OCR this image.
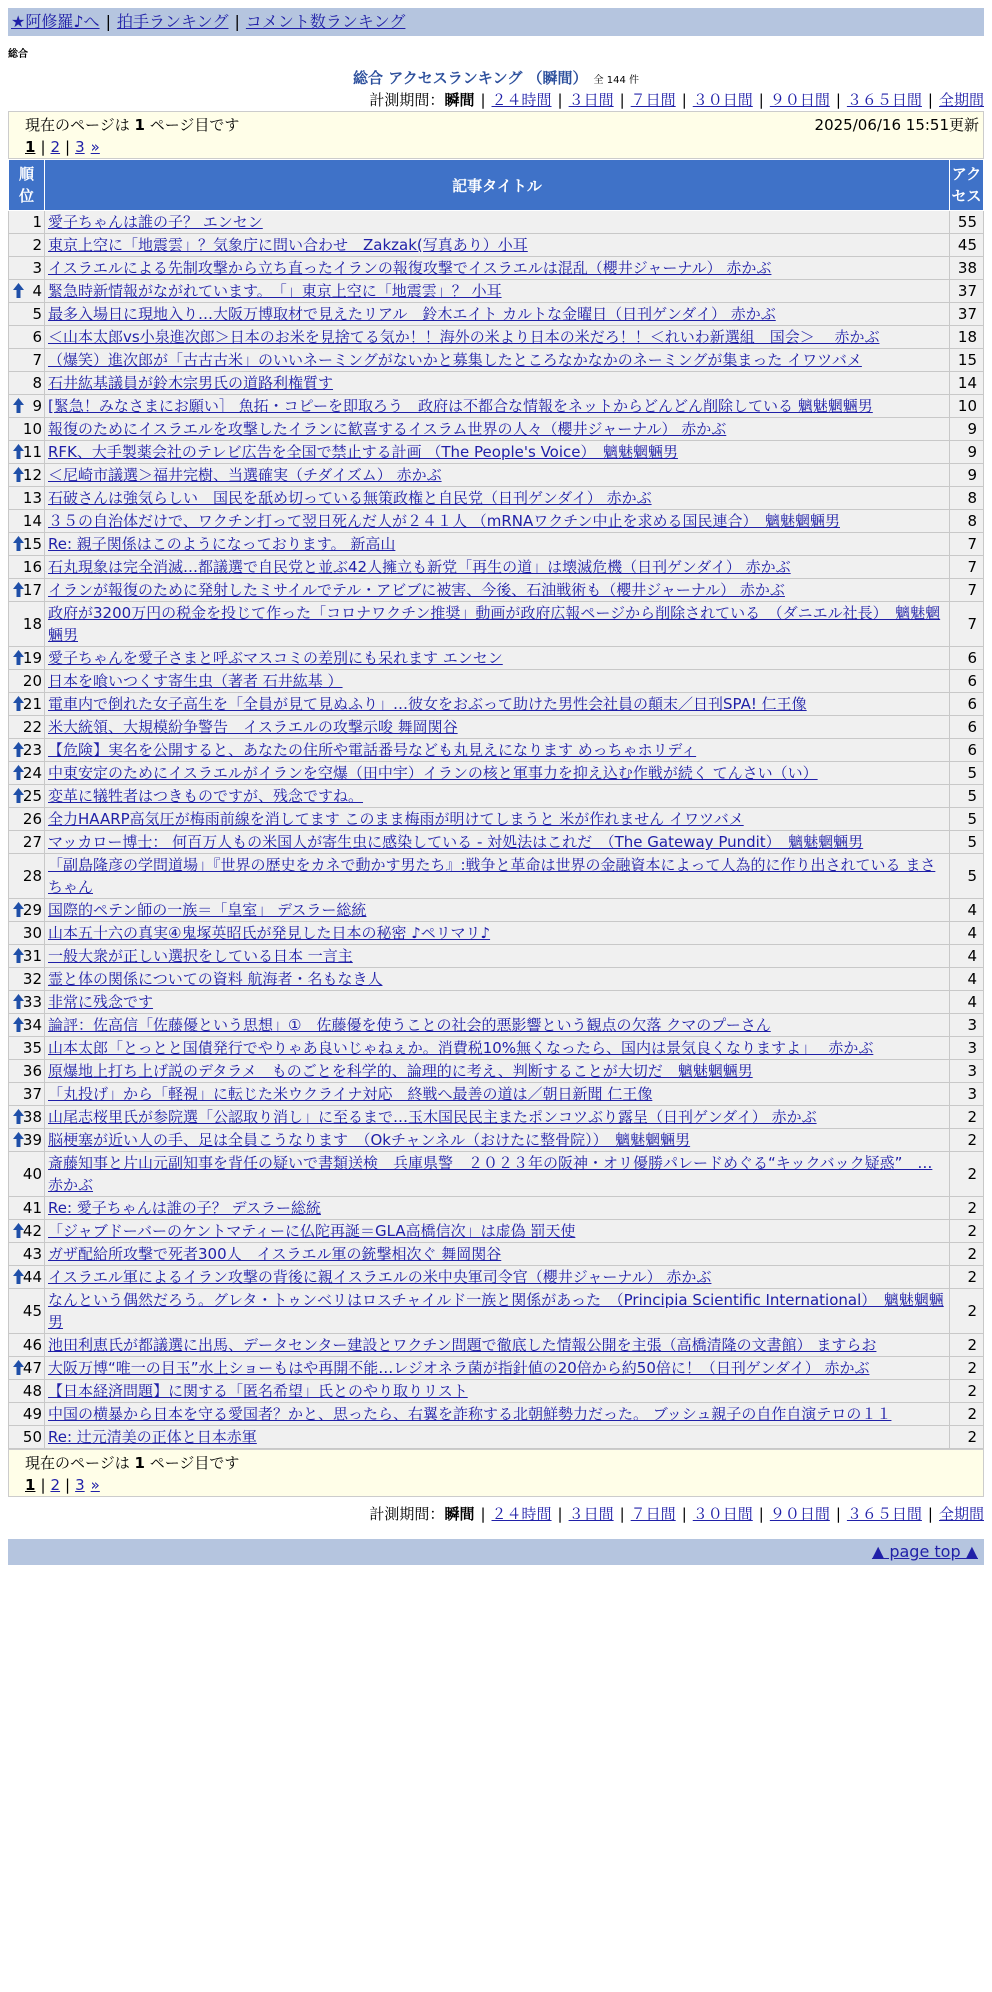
★阿修羅♪へ | 拍手ランキング | コメント数ランキング
総合
総合 アクセスランキング （瞬間） 全 144 件
計測期間：瞬間 | ２４時間 | ３日間 | ７日間 | ３０日間 | ９０日間 | ３６５日間 | 全期間
現在のページは 1 ページ目です	2025/06/16 15:51更新
1 | 2 | 3 »
順
位	記事タイトル	アク
セス
1	愛子ちゃんは誰の子？ エンセン	55
2	東京上空に「地震雲」？気象庁に問い合わせ　Zakzak(写真あり）小耳	45
3	イスラエルによる先制攻撃から立ち直ったイランの報復攻撃でイスラエルは混乱（櫻井ジャーナル） 赤かぶ	38

4	緊急時新情報がながれています。　「」東京上空に「地震雲」？ 小耳	37
5	最多入場日に現地入り…大阪万博取材で見えたリアル　鈴木エイト カルトな金曜日（日刊ゲンダイ） 赤かぶ	37
6	＜山本太郎vs小泉進次郎＞日本のお米を見捨てる気か！！海外の米より日本の米だろ！！＜れいわ新選組　国会＞　 赤かぶ	18
7	（爆笑）進次郎が「古古古米」のいいネーミングがないかと募集したところなかなかのネーミングが集まった イワツバメ	15
8	石井紘基議員が鈴木宗男氏の道路利権質す	14

9	[緊急！みなさまにお願い］ 魚拓・コピーを即取ろう　政府は不都合な情報をネットからどんどん削除している 魑魅魍魎男	10
10	報復のためにイスラエルを攻撃したイランに歓喜するイスラム世界の人々（櫻井ジャーナル） 赤かぶ	9

11	RFK、大手製薬会社のテレビ広告を全国で禁止する計画 （The People's Voice）　魑魅魍魎男	9

12	＜尼崎市議選＞福井完樹、当選確実（チダイズム） 赤かぶ	9
13	石破さんは強気らしい　国民を舐め切っている無策政権と自民党（日刊ゲンダイ） 赤かぶ	8
14	３５の自治体だけで、ワクチン打って翌日死んだ人が２４１人 （mRNAワクチン中止を求める国民連合）　魑魅魍魎男	8

15	Re: 親子関係はこのようになっております。 新高山	7
16	石丸現象は完全消滅…都議選で自民党と並ぶ42人擁立も新党「再生の道」は壊滅危機（日刊ゲンダイ） 赤かぶ	7

17	イランが報復のために発射したミサイルでテル・アビブに被害、今後、石油戦術も（櫻井ジャーナル） 赤かぶ	7
18	政府が3200万円の税金を投じて作った「コロナワクチン推奨」動画が政府広報ページから削除されている　（ダニエル社長）　魑魅魍魎男	7

19	愛子ちゃんを愛子さまと呼ぶマスコミの差別にも呆れます エンセン	6
20	日本を喰いつくす寄生虫（著者 石井紘基 ）	6

21	電車内で倒れた女子高生を「全員が見て見ぬふり」…彼女をおぶって助けた男性会社員の顛末／日刊SPA! 仁王像	6
22	米大統領、大規模紛争警告　イスラエルの攻撃示唆 舞岡関谷	6

23	【危険】実名を公開すると、あなたの住所や電話番号なども丸見えになります めっちゃホリディ	6

24	中東安定のためにイスラエルがイランを空爆（田中宇）イランの核と軍事力を抑え込む作戦が続く てんさい（い）	5

25	変革に犠牲者はつきものですが、残念ですね。	5
26	全力HAARP高気圧が梅雨前線を消してます このまま梅雨が明けてしまうと 米が作れません イワツバメ	5
27	マッカロー博士： 何百万人もの米国人が寄生虫に感染している - 対処法はこれだ　（The Gateway Pundit）　魑魅魍魎男	5
28	「副島隆彦の学問道場」『世界の歴史をカネで動かす男たち』:戦争と革命は世界の金融資本によって人為的に作り出されている まさちゃん	5

29	国際的ペテン師の一族＝「皇室」 デスラー総統	4
30	山本五十六の真実④鬼塚英昭氏が発見した日本の秘密 ♪ペリマリ♪	4

31	一般大衆が正しい選択をしている日本 一言主	4
32	霊と体の関係についての資料 航海者・名もなき人	4

33	非常に残念です	4

34	論評：佐高信「佐藤優という思想」①　佐藤優を使うことの社会的悪影響という観点の欠落 クマのプーさん	3
35	山本太郎「とっとと国債発行でやりゃあ良いじゃねぇか。消費税10%無くなったら、国内は景気良くなりますよ」　 赤かぶ	3
36	原爆地上打ち上げ説のデタラメ　ものごとを科学的、論理的に考え、判断することが大切だ　魑魅魍魎男	3
37	「丸投げ」から「軽視」に転じた米ウクライナ対応　終戦へ最善の道は／朝日新聞 仁王像	3

38	山尾志桜里氏が参院選「公認取り消し」に至るまで…玉木国民民主またポンコツぶり露呈（日刊ゲンダイ） 赤かぶ	2

39	脳梗塞が近い人の手、足は全員こうなります　（Okチャンネル（おけたに整骨院））　魑魅魍魎男	2
40	斎藤知事と片山元副知事を背任の疑いで書類送検　兵庫県警　２０２３年の阪神・オリ優勝パレードめぐる“キックバック疑惑”　… 赤かぶ	2
41	Re: 愛子ちゃんは誰の子？ デスラー総統	2

42	「ジャブドーバーのケントマティーに仏陀再誕＝GLA高橋信次」は虚偽 罰天使	2
43	ガザ配給所攻撃で死者300人　イスラエル軍の銃撃相次ぐ 舞岡関谷	2

44	イスラエル軍によるイラン攻撃の背後に親イスラエルの米中央軍司令官（櫻井ジャーナル） 赤かぶ	2
45	なんという偶然だろう。グレタ・トゥンベリはロスチャイルド一族と関係があった　（Principia Scientific International）　魑魅魍魎男	2
46	池田利恵氏が都議選に出馬、データセンター建設とワクチン問題で徹底した情報公開を主張（高橋清隆の文書館） ますらお	2

47	大阪万博“唯一の目玉”水上ショーもはや再開不能…レジオネラ菌が指針値の20倍から約50倍に！（日刊ゲンダイ） 赤かぶ	2
48	【日本経済問題】に関する「匿名希望」氏とのやり取りリスト	2
49	中国の横暴から日本を守る愛国者？かと、思ったら、右翼を詐称する北朝鮮勢力だった。 ブッシュ親子の自作自演テロの１１	2
50	Re: 辻元清美の正体と日本赤軍	2
現在のページは 1 ページ目です
1 | 2 | 3 »
計測期間：瞬間 | ２４時間 | ３日間 | ７日間 | ３０日間 | ９０日間 | ３６５日間 | 全期間
▲ page top ▲
